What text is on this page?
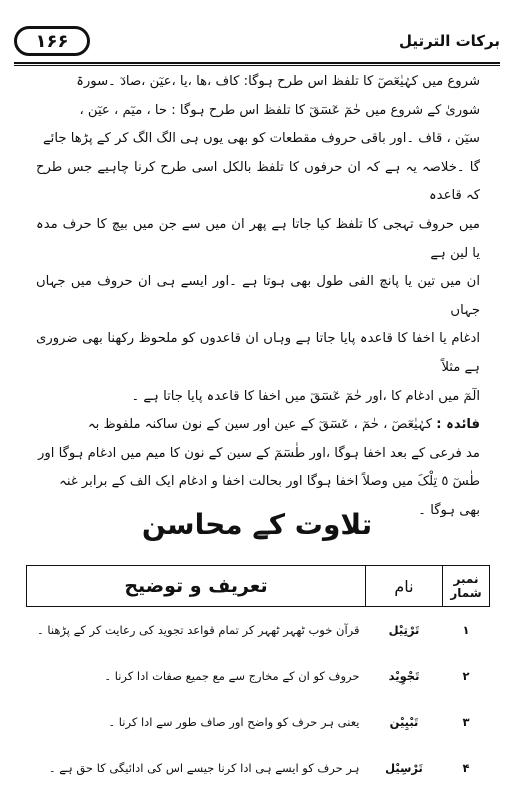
۱۶۶	برکات الترتیل

شروع میں کہٰیٰعٓصٓ کا تلفظ اس طرح ہوگا: کاف ،ھا ،یا ،عیٓن ،صادٓ ۔سورۃ

شوریٰ کے شروع میں حٰمٓ عٓسٓقٓ کا تلفظ اس طرح ہوگا : حا ، میٓم ، عیٓن ،

سیٓن ، قاف ۔اور باقی حروف مقطعات کو بھی یوں ہی الگ الگ کر کے پڑھا جائے

گا ۔خلاصہ یہ ہے کہ ان حرفوں کا تلفظ بالکل اسی طرح کرنا چاہیے جس طرح کہ قاعدہ

میں حروف تہجی کا تلفظ کیا جاتا ہے پھر ان میں سے جن میں بیچ کا حرف مدہ یا لین ہے

ان میں تین یا پانچ الفی طول بھی ہوتا ہے ۔اور ایسے ہی ان حروف میں جہاں جہاں

ادغام یا اخفا کا قاعدہ پایا جاتا ہے وہاں ان قاعدوں کو ملحوظ رکھنا بھی ضروری ہے مثلاً

الٓمٓ میں ادغام کا ،اور حٰمٓ عٓسٓقٓ میں اخفا کا قاعدہ پایا جاتا ہے ۔

فائدہ : کہٰیٰعٓصٓ ، حٰمٓ ، عٓسٓقٓ کے عین اور سین کے نون ساکنہ ملفوظ بہ

مد فرعی کے بعد اخفا ہوگا ،اور طٰسٓمٓ کے سین کے نون کا میم میں ادغام ہوگا اور

طٰسٓ ٥ تِلْکَ میں وصلاً اخفا ہوگا اور بحالت اخفا و ادغام ایک الف کے برابر غنہ

بھی ہوگا ۔

تلاوت کے محاسن
نمبر شمار	نام	تعریف و توضیح
۱	تَرْتِیْل	قرآن خوب ٹھہر ٹھہر کر تمام قواعد تجوید کی رعایت کر کے پڑھنا ۔
۲	تَجْوِیْد	حروف کو ان کے مخارج سے مع جمیع صفات ادا کرنا ۔
۳	تَبْیِیْن	یعنی ہر حرف کو واضح اور صاف طور سے ادا کرنا ۔
۴	تَرْسِیْل	ہر حرف کو ایسے ہی ادا کرنا جیسے اس کی ادائیگی کا حق ہے ۔
